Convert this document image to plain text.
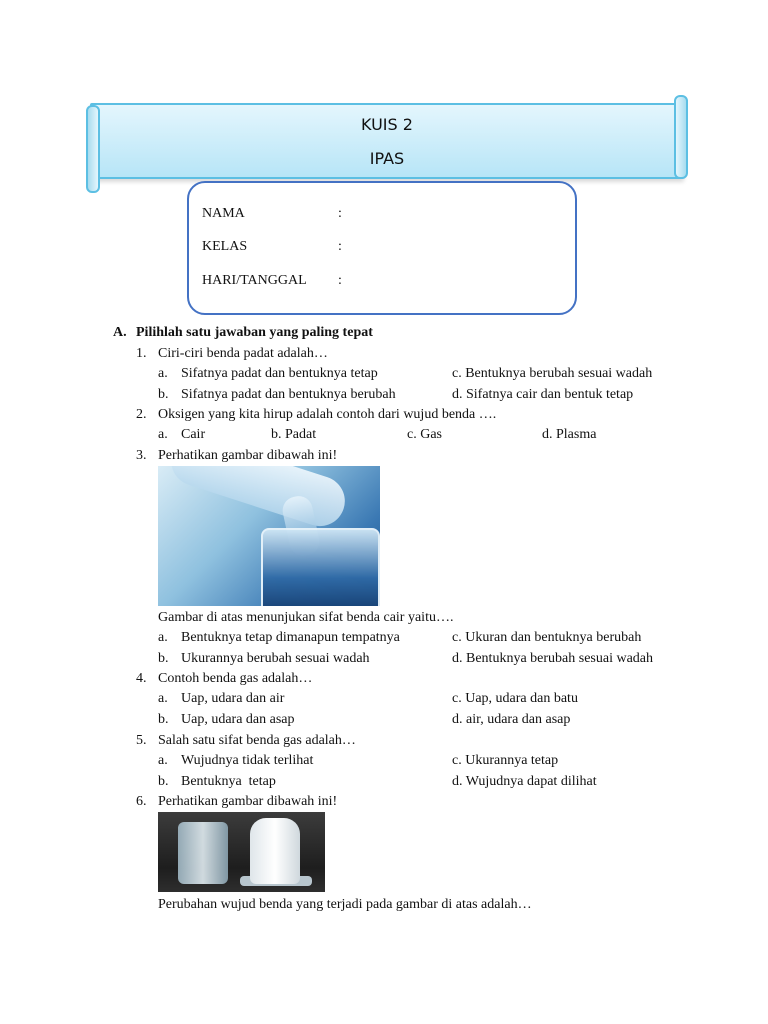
KUIS 2
IPAS
NAMA	:
KELAS	:
HARI/TANGGAL :
A. Pilihlah satu jawaban yang paling tepat
1. Ciri-ciri benda padat adalah…
a. Sifatnya padat dan bentuknya tetap	c. Bentuknya berubah sesuai wadah
b. Sifatnya padat dan bentuknya berubah	d. Sifatnya cair dan bentuk tetap
2. Oksigen yang kita hirup adalah contoh dari wujud benda ….
a. Cair	b. Padat	c. Gas	d. Plasma
3. Perhatikan gambar dibawah ini!
Gambar di atas menunjukan sifat benda cair yaitu….
a. Bentuknya tetap dimanapun tempatnya	c. Ukuran dan bentuknya berubah
b. Ukurannya berubah sesuai wadah	d. Bentuknya berubah sesuai wadah
4. Contoh benda gas adalah…
a. Uap, udara dan air	c. Uap, udara dan batu
b. Uap, udara dan asap	d. air, udara dan asap
5. Salah satu sifat benda gas adalah…
a. Wujudnya tidak terlihat	c. Ukurannya tetap
b. Bentuknya  tetap	d. Wujudnya dapat dilihat
6. Perhatikan gambar dibawah ini!
Perubahan wujud benda yang terjadi pada gambar di atas adalah…
